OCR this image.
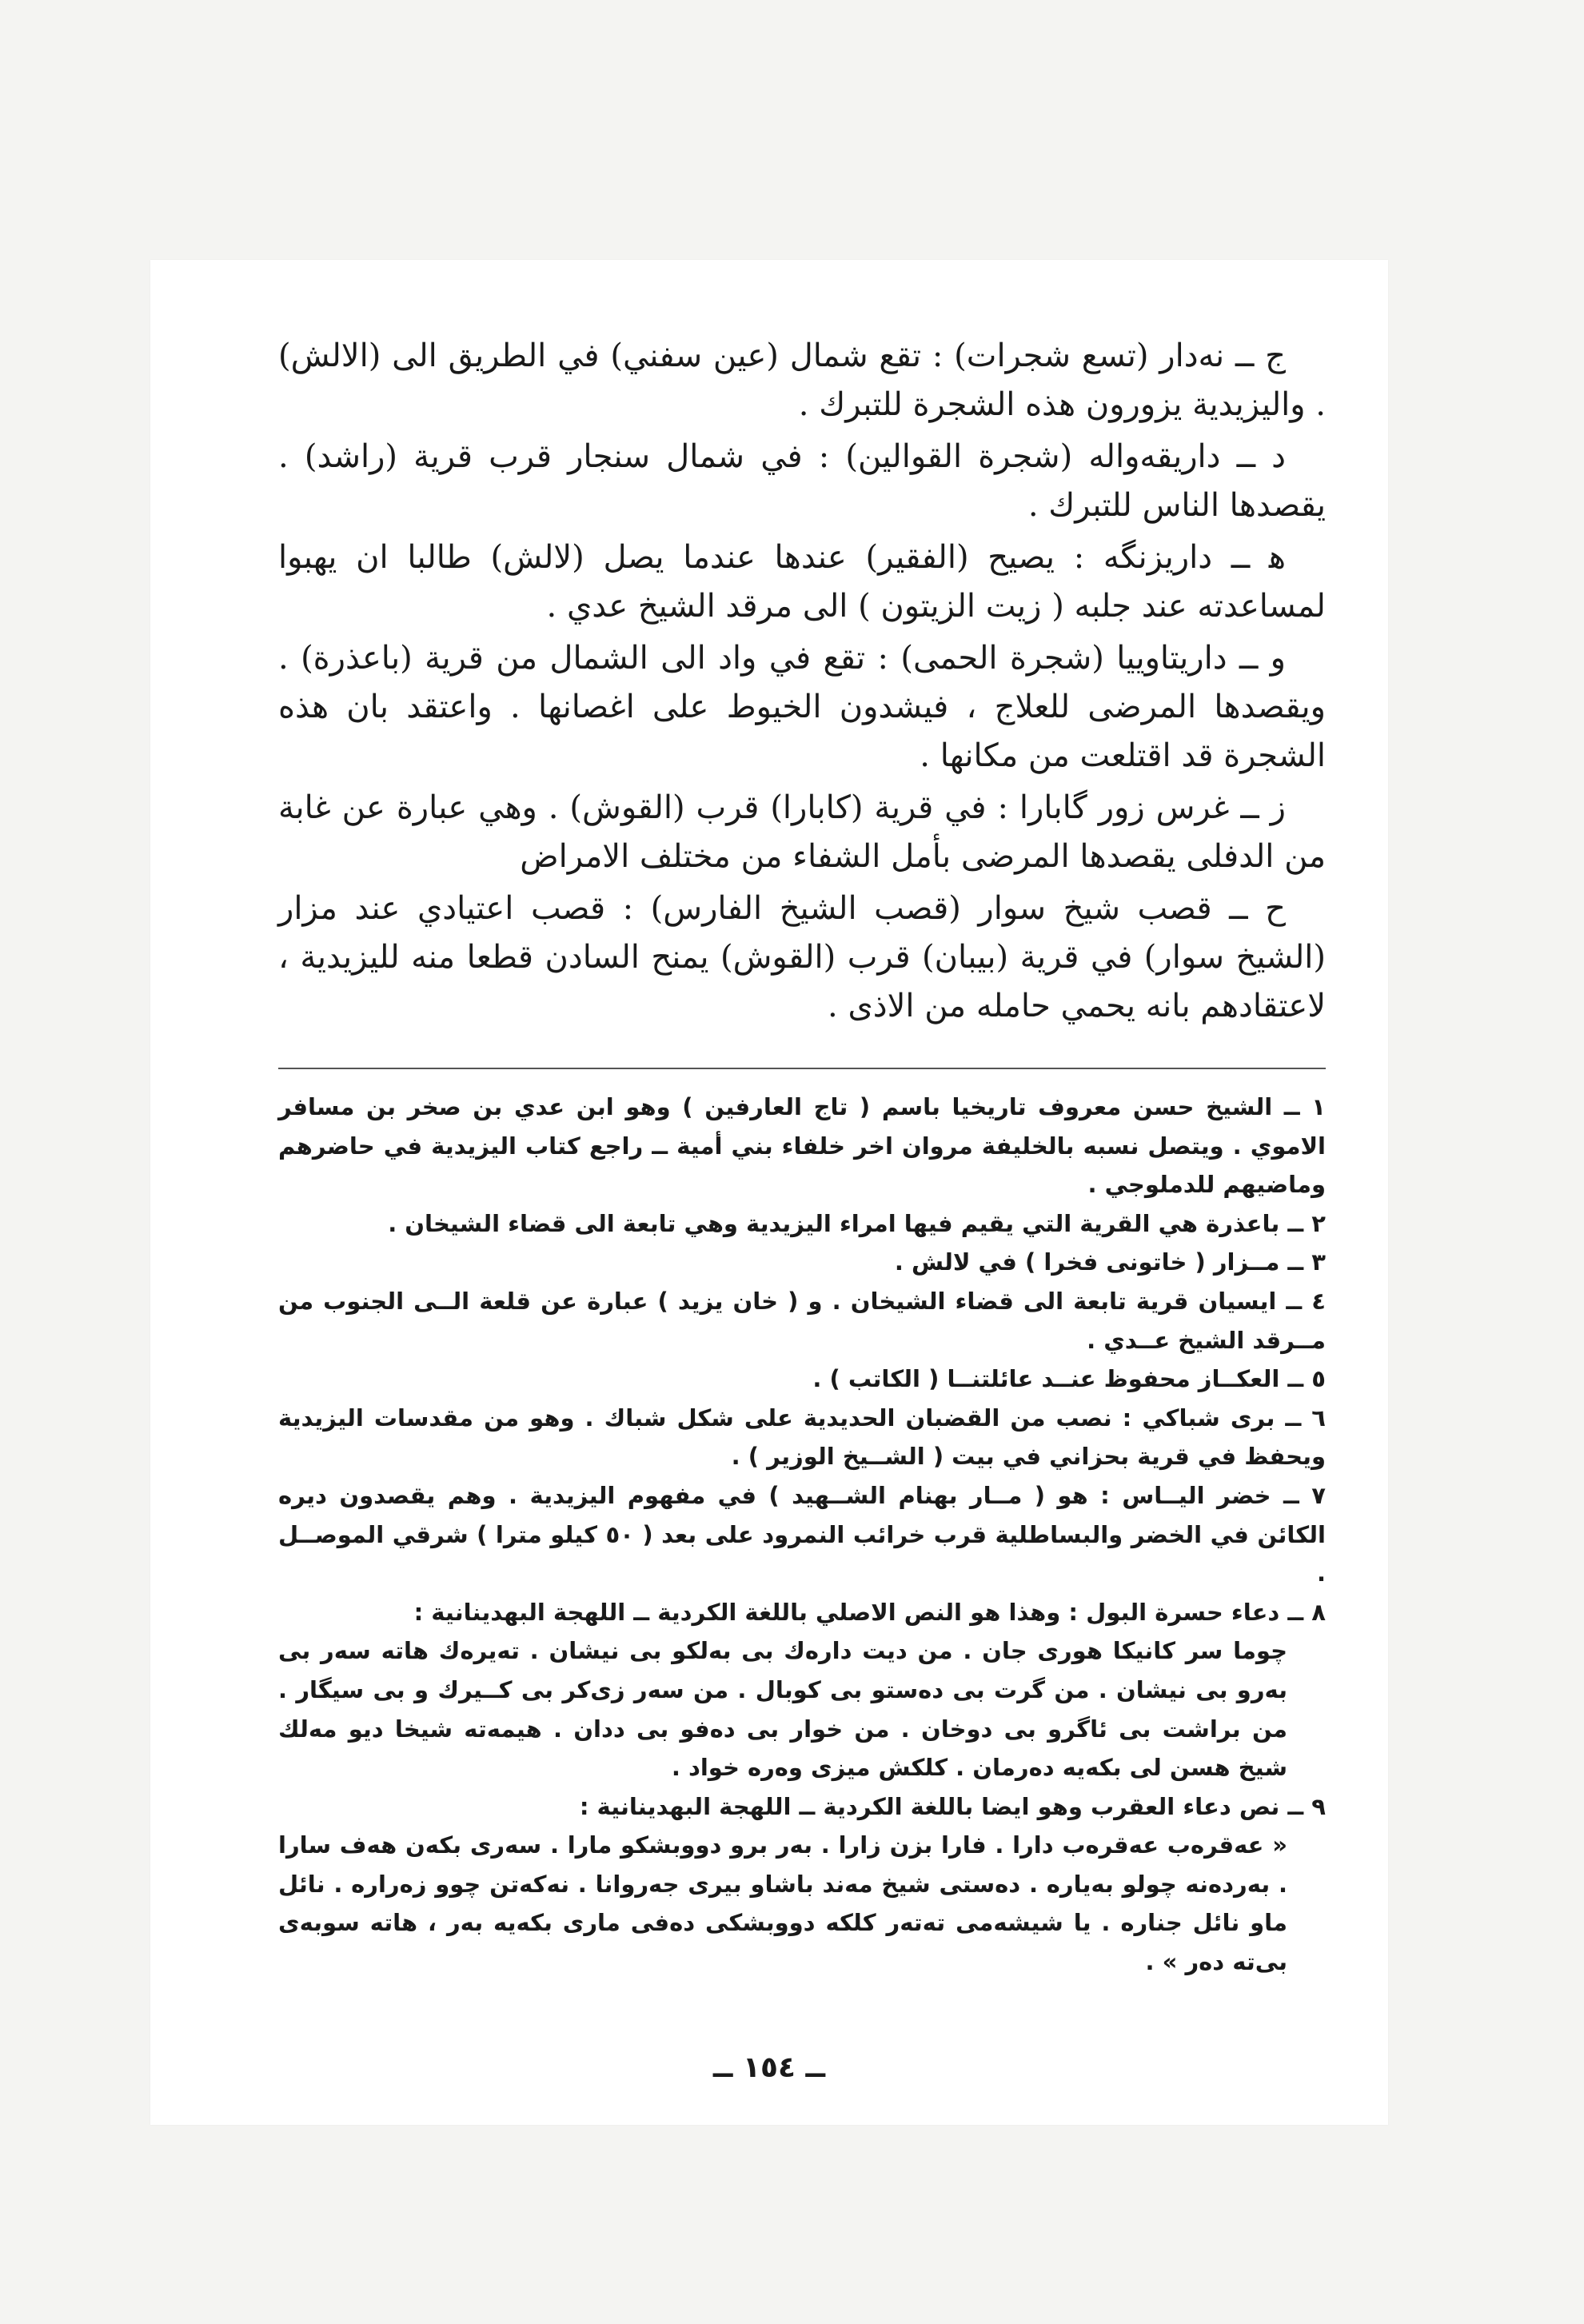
ج ــ نەدار (تسع شجرات) : تقع شمال (عين سفني) في الطريق الى (الالش) . واليزيدية يزورون هذه الشجرة للتبرك .

د ــ داریقەواله (شجرة القوالين) : في شمال سنجار قرب قرية (راشد) . يقصدها الناس للتبرك .

ﻫ ــ داریزنگه : يصيح (الفقير) عندها عندما يصل (لالش) طالبا ان يهبوا لمساعدته عند جلبه ( زيت الزيتون ) الى مرقد الشيخ عدي .

و ــ داریتاوییا (شجرة الحمى) : تقع في واد الى الشمال من قرية (باعذرة) . ويقصدها المرضى للعلاج ، فيشدون الخيوط على اغصانها . واعتقد بان هذه الشجرة قد اقتلعت من مكانها .

ز ــ غرس زور گابارا : في قرية (كابارا) قرب (القوش) . وهي عبارة عن غابة من الدفلى يقصدها المرضى بأمل الشفاء من مختلف الامراض

ح ــ قصب شيخ سوار (قصب الشيخ الفارس) : قصب اعتيادي عند مزار (الشيخ سوار) في قرية (بيبان) قرب (القوش) يمنح السادن قطعا منه لليزيدية ، لاعتقادهم بانه يحمي حامله من الاذى .

١ ــ الشيخ حسن معروف تاريخيا باسم ( تاج العارفين ) وهو ابن عدي بن صخر بن مسافر الاموي . ويتصل نسبه بالخليفة مروان اخر خلفاء بني أمية ــ راجع كتاب اليزيدية في حاضرهم وماضيهم للدملوجي .

٢ ــ باعذرة هي القرية التي يقيم فيها امراء اليزيدية وهي تابعة الى قضاء الشيخان .

٣ ــ مــزار ( خاتونی فخرا ) في لالش .

٤ ــ ايسيان قرية تابعة الى قضاء الشيخان . و ( خان يزيد ) عبارة عن قلعة الــى الجنوب من مــرقد الشيخ عــدي .

٥ ــ العكــاز محفوظ عنــد عائلتنــا ( الكاتب ) .

٦ ــ بری شباكي : نصب من القضبان الحديدية على شكل شباك . وهو من مقدسات اليزيدية ويحفظ في قرية بحزاني في بيت ( الشــيخ الوزير ) .

٧ ــ خضر اليــاس : هو ( مــار بهنام الشــهيد ) في مفهوم اليزيدية . وهم يقصدون ديره الكائن في الخضر والبساطلية قرب خرائب النمرود على بعد ( ٥٠ كيلو مترا ) شرقي الموصــل .

٨ ــ دعاء حسرة البول : وهذا هو النص الاصلي باللغة الكردية ــ اللهجة البهدينانية :

چوما سر كانيكا هوری جان . من ديت دارەك بی بەلكو بی نيشان . تەيرەك هاته سەر بی بەرو بی نيشان . من گرت بی دەستو بی كوبال . من سەر زی‌كر بی كــيرك و بی سيگار . من براشت بی ئاگرو بی دوخان . من خوار بی دەفو بی ددان . هيمەته شيخا دیو مەلك شيخ هسن لی بكەيه دەرمان . كلكش ميزی وەرە خواد .

٩ ــ نص دعاء العقرب وهو ايضا باللغة الكردية ــ اللهجة البهدينانية :

« عەقرەب عەقرەب دارا . فارا بزن زارا . بەر برو دووبشكو مارا . سەری بكەن هەف سارا . بەردەنه چولو بەيارە . دەستی شيخ مەند باشاو بيری جەروانا . نەكەتن چوو زەرارە . نائل ماو نائل جنارە . يا شيشەمی تەتەر كلكه دووبشكی دەفی ماری بكەيه بەر ، هاته سوبەی بی‌تە دەر » .

ــ ١٥٤ ــ
